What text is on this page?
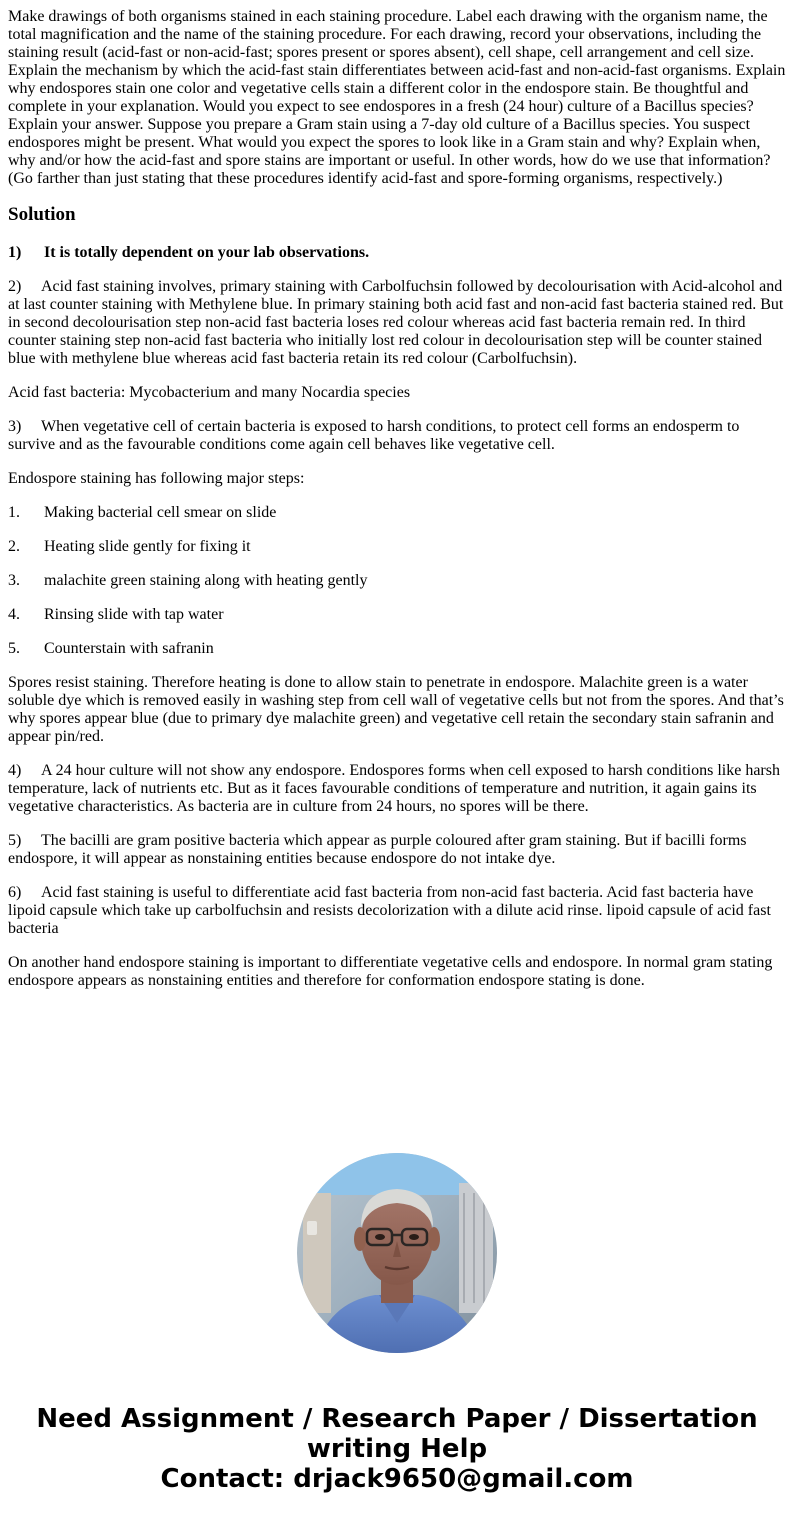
Make drawings of both organisms stained in each staining procedure. Label each drawing with the organism name, the total magnification and the name of the staining procedure. For each drawing, record your observations, including the staining result (acid-fast or non-acid-fast; spores present or spores absent), cell shape, cell arrangement and cell size. Explain the mechanism by which the acid-fast stain differentiates between acid-fast and non-acid-fast organisms. Explain why endospores stain one color and vegetative cells stain a different color in the endospore stain. Be thoughtful and complete in your explanation. Would you expect to see endospores in a fresh (24 hour) culture of a Bacillus species? Explain your answer. Suppose you prepare a Gram stain using a 7-day old culture of a Bacillus species. You suspect endospores might be present. What would you expect the spores to look like in a Gram stain and why? Explain when, why and/or how the acid-fast and spore stains are important or useful. In other words, how do we use that information? (Go farther than just stating that these procedures identify acid-fast and spore-forming organisms, respectively.)

Solution

1) It is totally dependent on your lab observations.

2) Acid fast staining involves, primary staining with Carbolfuchsin followed by decolourisation with Acid-alcohol and at last counter staining with Methylene blue. In primary staining both acid fast and non-acid fast bacteria stained red. But in second decolourisation step non-acid fast bacteria loses red colour whereas acid fast bacteria remain red. In third counter staining step non-acid fast bacteria who initially lost red colour in decolourisation step will be counter stained blue with methylene blue whereas acid fast bacteria retain its red colour (Carbolfuchsin).

Acid fast bacteria: Mycobacterium and many Nocardia species

3) When vegetative cell of certain bacteria is exposed to harsh conditions, to protect cell forms an endosperm to survive and as the favourable conditions come again cell behaves like vegetative cell.

Endospore staining has following major steps:

1. Making bacterial cell smear on slide

2. Heating slide gently for fixing it

3. malachite green staining along with heating gently

4. Rinsing slide with tap water

5. Counterstain with safranin

Spores resist staining. Therefore heating is done to allow stain to penetrate in endospore. Malachite green is a water soluble dye which is removed easily in washing step from cell wall of vegetative cells but not from the spores. And that’s why spores appear blue (due to primary dye malachite green) and vegetative cell retain the secondary stain safranin and appear pin/red.

4) A 24 hour culture will not show any endospore. Endospores forms when cell exposed to harsh conditions like harsh temperature, lack of nutrients etc. But as it faces favourable conditions of temperature and nutrition, it again gains its vegetative characteristics. As bacteria are in culture from 24 hours, no spores will be there.

5) The bacilli are gram positive bacteria which appear as purple coloured after gram staining. But if bacilli forms endospore, it will appear as nonstaining entities because endospore do not intake dye.

6) Acid fast staining is useful to differentiate acid fast bacteria from non-acid fast bacteria. Acid fast bacteria have lipoid capsule which take up carbolfuchsin and resists decolorization with a dilute acid rinse. lipoid capsule of acid fast bacteria

On another hand endospore staining is important to differentiate vegetative cells and endospore. In normal gram stating endospore appears as nonstaining entities and therefore for conformation endospore stating is done.

Need Assignment / Research Paper / Dissertation
writing Help
Contact: drjack9650@gmail.com
